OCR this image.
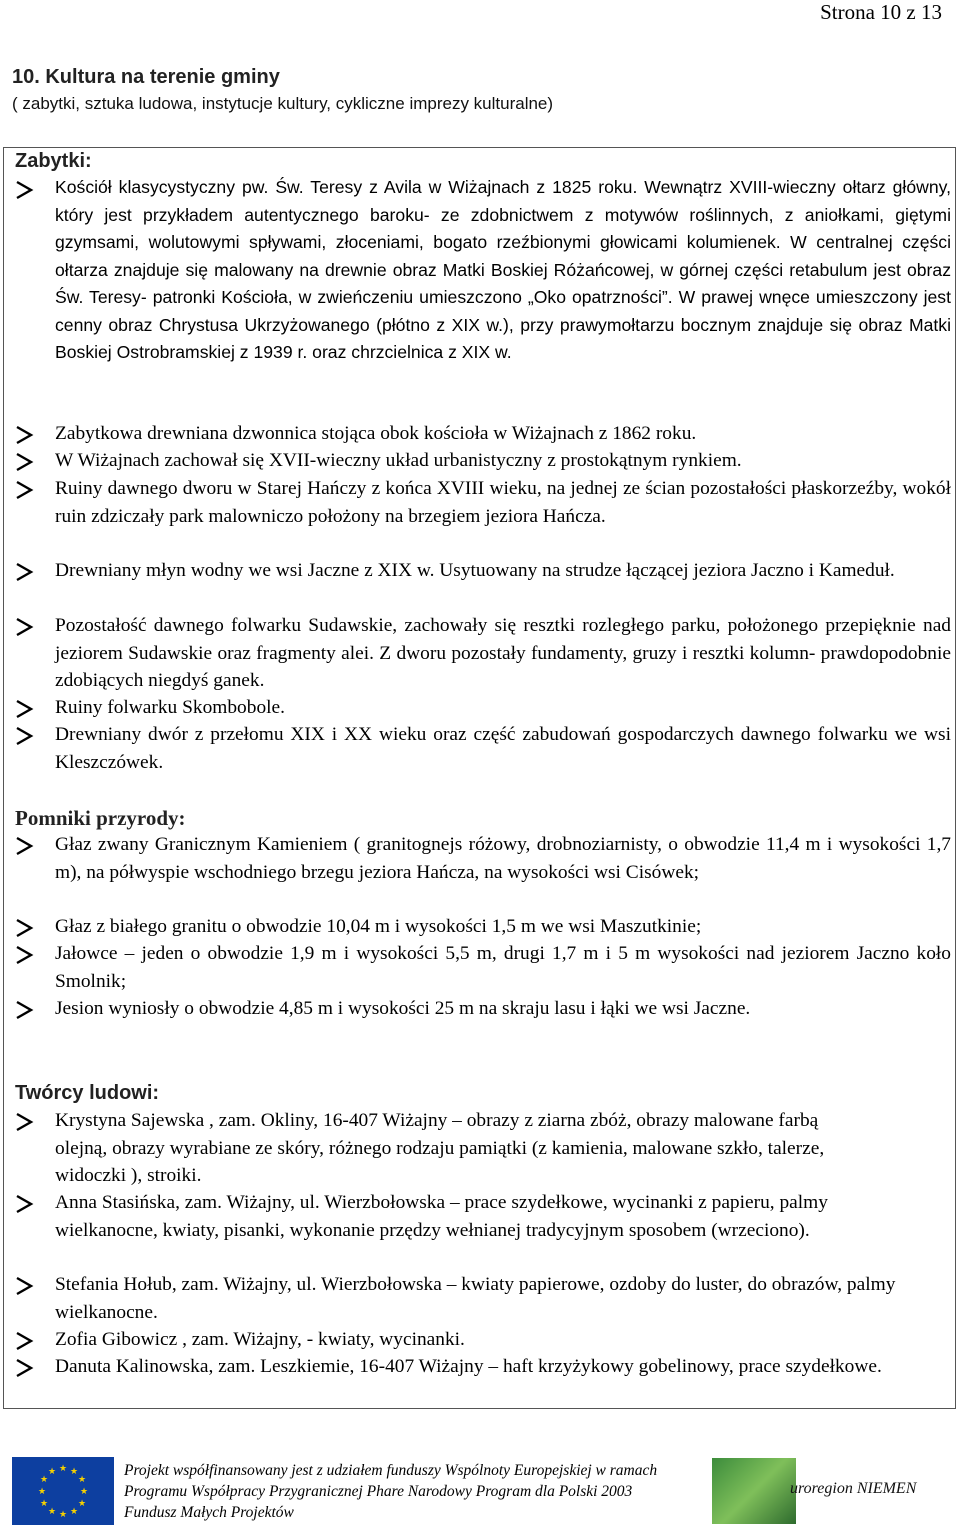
Strona 10 z 13
10. Kultura na terenie gminy
( zabytki, sztuka ludowa, instytucje kultury, cykliczne imprezy kulturalne)
Zabytki:
Kościół klasycystyczny pw. Św. Teresy z Avila w Wiżajnach z 1825 roku. Wewnątrz XVIII-wieczny ołtarz główny, który jest przykładem autentycznego baroku- ze zdobnictwem z motywów roślinnych, z aniołkami, giętymi gzymsami, wolutowymi spływami, złoceniami, bogato rzeźbionymi głowicami kolumienek. W centralnej części ołtarza znajduje się malowany na drewnie obraz Matki Boskiej Różańcowej, w górnej części retabulum jest obraz Św. Teresy- patronki Kościoła, w zwieńczeniu umieszczono „Oko opatrzności”. W prawej wnęce umieszczony jest cenny obraz Chrystusa Ukrzyżowanego (płótno z XIX w.), przy prawymołtarzu bocznym znajduje się obraz Matki Boskiej Ostrobramskiej z 1939 r. oraz chrzcielnica z XIX w.
Zabytkowa drewniana dzwonnica stojąca obok kościoła w Wiżajnach z 1862 roku.
W Wiżajnach zachował się XVII-wieczny układ urbanistyczny z prostokątnym rynkiem.
Ruiny dawnego dworu w Starej Hańczy z końca XVIII wieku, na jednej ze ścian pozostałości płaskorzeźby, wokół ruin zdziczały park malowniczo położony na brzegiem jeziora Hańcza.
Drewniany młyn wodny we wsi Jaczne z XIX w. Usytuowany na strudze łączącej jeziora Jaczno i Kameduł.
Pozostałość dawnego folwarku Sudawskie, zachowały się resztki rozległego parku, położonego przepięknie nad jeziorem Sudawskie oraz fragmenty alei. Z dworu pozostały fundamenty, gruzy i resztki kolumn- prawdopodobnie zdobiących niegdyś ganek.
Ruiny folwarku Skombobole.
Drewniany dwór z przełomu XIX i XX wieku oraz część zabudowań gospodarczych dawnego folwarku we wsi Kleszczówek.
Pomniki przyrody:
Głaz zwany Granicznym Kamieniem ( granitognejs różowy, drobnoziarnisty, o obwodzie 11,4 m i wysokości 1,7 m), na półwyspie wschodniego brzegu jeziora Hańcza, na wysokości wsi Cisówek;
Głaz z białego granitu o obwodzie 10,04 m i wysokości 1,5 m we wsi Maszutkinie;
Jałowce – jeden o obwodzie 1,9 m i wysokości 5,5 m, drugi 1,7 m i 5 m wysokości nad jeziorem Jaczno koło Smolnik;
Jesion wyniosły o obwodzie 4,85 m i wysokości 25 m na skraju lasu i łąki we wsi Jaczne.
Twórcy ludowi:
Krystyna Sajewska , zam. Okliny, 16-407 Wiżajny – obrazy z ziarna zbóż, obrazy malowane farbą olejną, obrazy wyrabiane ze skóry, różnego rodzaju pamiątki (z kamienia, malowane szkło, talerze, widoczki ), stroiki.
Anna Stasińska, zam. Wiżajny, ul. Wierzbołowska – prace szydełkowe, wycinanki z papieru, palmy wielkanocne, kwiaty, pisanki, wykonanie przędzy wełnianej tradycyjnym sposobem (wrzeciono).
Stefania Hołub, zam. Wiżajny, ul. Wierzbołowska – kwiaty papierowe, ozdoby do luster, do obrazów, palmy wielkanocne.
Zofia Gibowicz , zam. Wiżajny, - kwiaty, wycinanki.
Danuta Kalinowska, zam. Leszkiemie, 16-407 Wiżajny – haft krzyżykowy gobelinowy, prace szydełkowe.
★ ★
★
★
★
★
★
★
★
★
★
★	Projekt współfinansowany jest z udziałem funduszy Wspólnoty Europejskiej w ramach
Programu Współpracy Przygranicznej Phare Narodowy Program dla Polski 2003
Fundusz Małych Projektów
uroregion NIEMEN
